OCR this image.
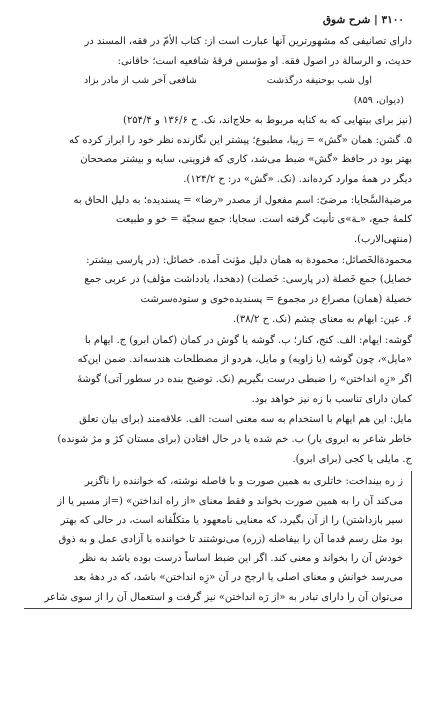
۳۱۰۰ | شرح شوق

دارای تصانیفی که مشهورترین آنها عبارت است از: کتاب الأمّ در فقه، المسند در

حدیث، و الرسالة در اصول فقه. او مؤسس فرقۀ شافعیه است؛ خاقانی:

اول شب بوحنیفه درگذشت
شافعی آخر شب از مادر بزاد
(دیوان، ۸۵۹)

(نیز برای بیتهایی که به کنایه مربوط به حلاج‌اند، نک. ح ۱۳۶/۶ و ۲۵۴/۴)

۵. گشن: همان «گش» = زیبا، مطبوع؛ پیشتر این نگارنده نظر خود را ابراز کرده که

بهتر بود در حافظ «گش» ضبط می‌شد، کاری که قزوینی، سایه و بیشتر مصححان

دیگر در همۀ موارد کرده‌اند. (نک. «گش» در: ح ۱۲۴/۲).

مرضیة‌السَّجایا: مرضیّ: اسم مفعول از مصدر «رضا» = پسندیده؛ به دلیل الحاق به

کلمۀ جمع، «ـة»ی تأنیث گرفته است. سجایا: جمع سجیّة = خو و طبیعت

(منتهی‌الارب).

محمودة‌الخَصائل: محمودة به همان دلیل مؤنث آمده. خصائل: (در پارسی بیشتر:

خصایل) جمع خَصلة (در پارسی: خَصلت) (دهخدا، یادداشت مؤلف) در عربی جمع

خصیلة (همان) مصراع در مجموع = پسندیده‌خوی و ستوده‌سرشت

۶. عین: ایهام به معنای چشم (نک. ح ۳۸/۲).

گوشه: ایهام: الف. کنج، کنار؛ ب. گوشه یا گوش در کمان (کمان ابرو) ج. ایهام با

«مایل»، چون گوشه (یا زاویه) و مایل، هردو از مصطلحات هندسه‌اند. ضمن این‌که

اگر «زِه انداختن» را ضبطی درست بگیریم (نک. توضیح بنده در سطور آتی) گوشۀ

کمان دارای تناسب با زه نیز خواهد بود.

مایل: این هم ایهام با استخدام به سه معنی است: الف. علاقه‌مند (برای بیان تعلق

خاطر شاعر به ابروی یار) ب. خم شده یا در حال افتادن (برای مستان کژ و مژ شونده)

ج. مایلی یا کجی (برای ابرو).

ز ره بینداخت: خاتلری به همین صورت و با فاصله نوشته، که خواننده را ناگزیر

می‌کند آن را به همین صورت بخواند و فقط معنای «از راه انداختن» (=از مسیر یا از

سیر بازداشتن) را از آن بگیرد، که معنایی نامعهود یا متکلّفانه است، در حالی که بهتر

بود مثل رسم قدما آن را بیفاصله (زره) می‌نوشتند تا خواننده با آزادی عمل و به ذوق

خودش آن را بخواند و معنی کند. اگر این ضبط اساساً درست بوده باشد به نظر

می‌رسد خوانش و معنای اصلی یا ارجح در آن «زِه انداختن» باشد، که در دهۀ بعد

می‌توان آن را دارای تبادر به «از رَه انداختن» نیز گرفت و استعمال آن را از سوی شاعر
